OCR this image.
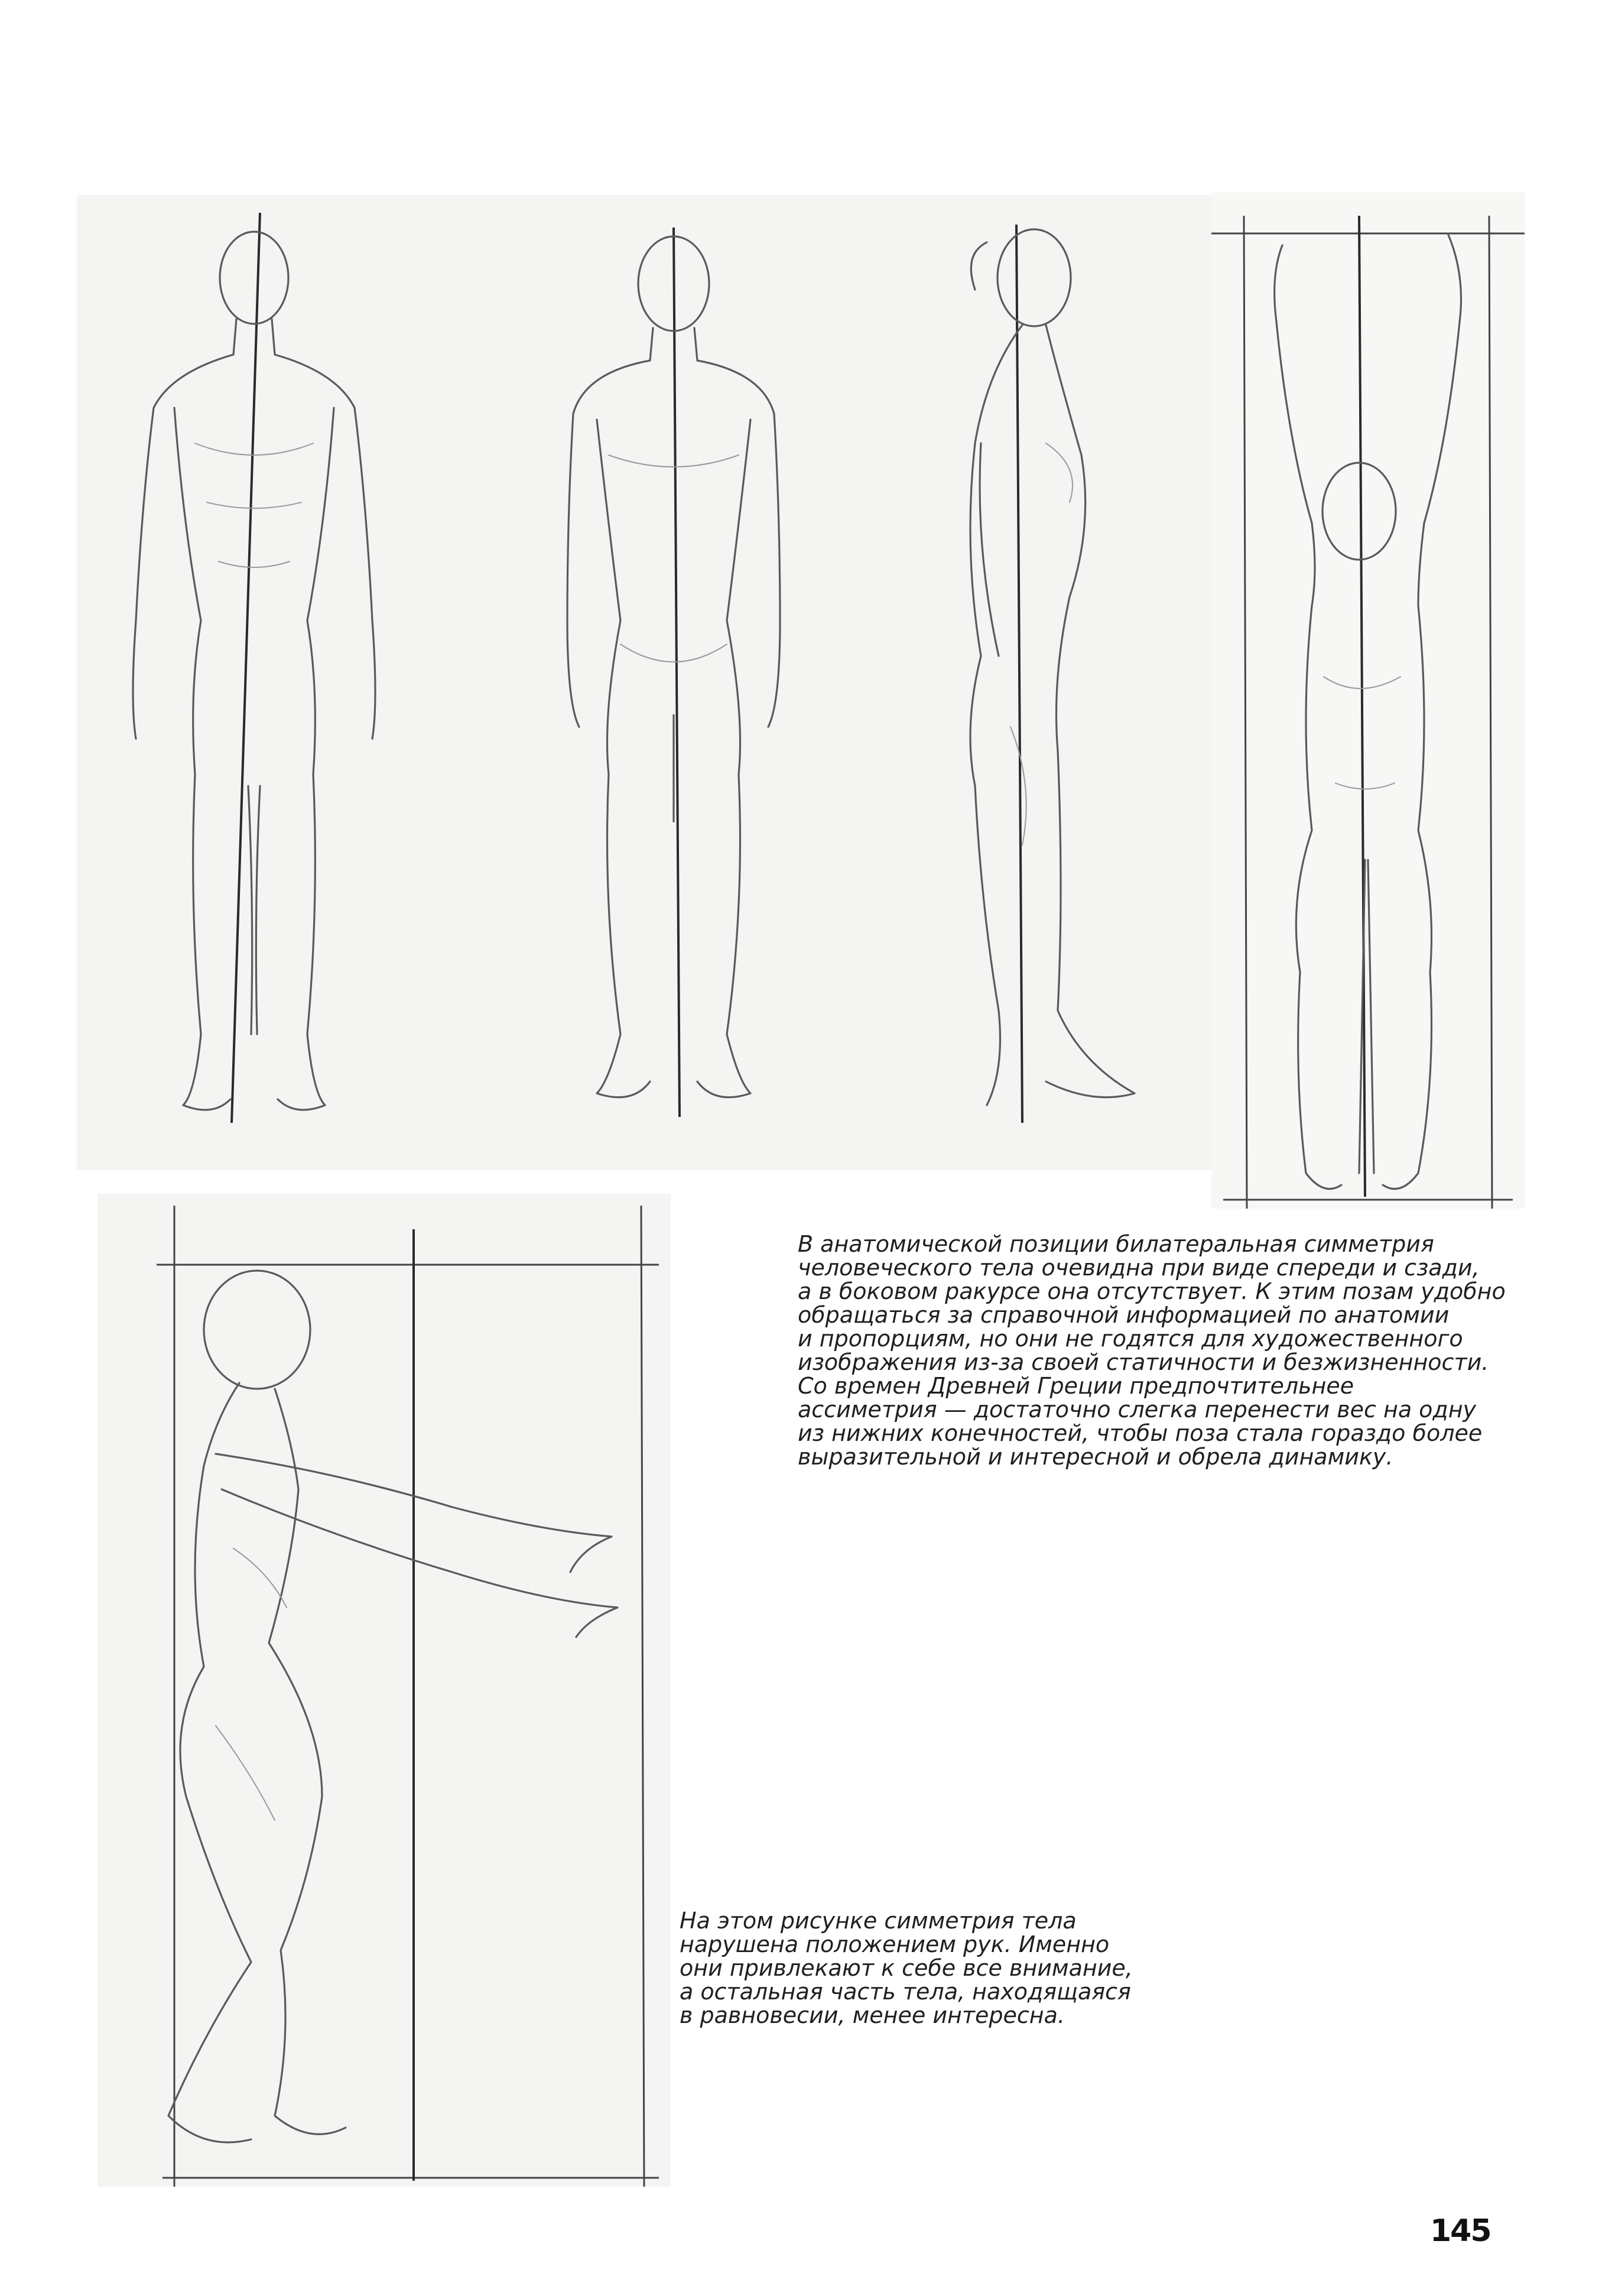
В анатомической позиции билатеральная симметрия

человеческого тела очевидна при виде спереди и сзади,

а в боковом ракурсе она отсутствует. К этим позам удобно

обращаться за справочной информацией по анатомии

и пропорциям, но они не годятся для художественного

изображения из-за своей статичности и безжизненности.

Со времен Древней Греции предпочтительнее

ассиметрия — достаточно слегка перенести вес на одну

из нижних конечностей, чтобы поза стала гораздо более

выразительной и интересной и обрела динамику.

На этом рисунке симметрия тела

нарушена положением рук. Именно

они привлекают к себе все внимание,

а остальная часть тела, находящаяся

в равновесии, менее интересна.

145
